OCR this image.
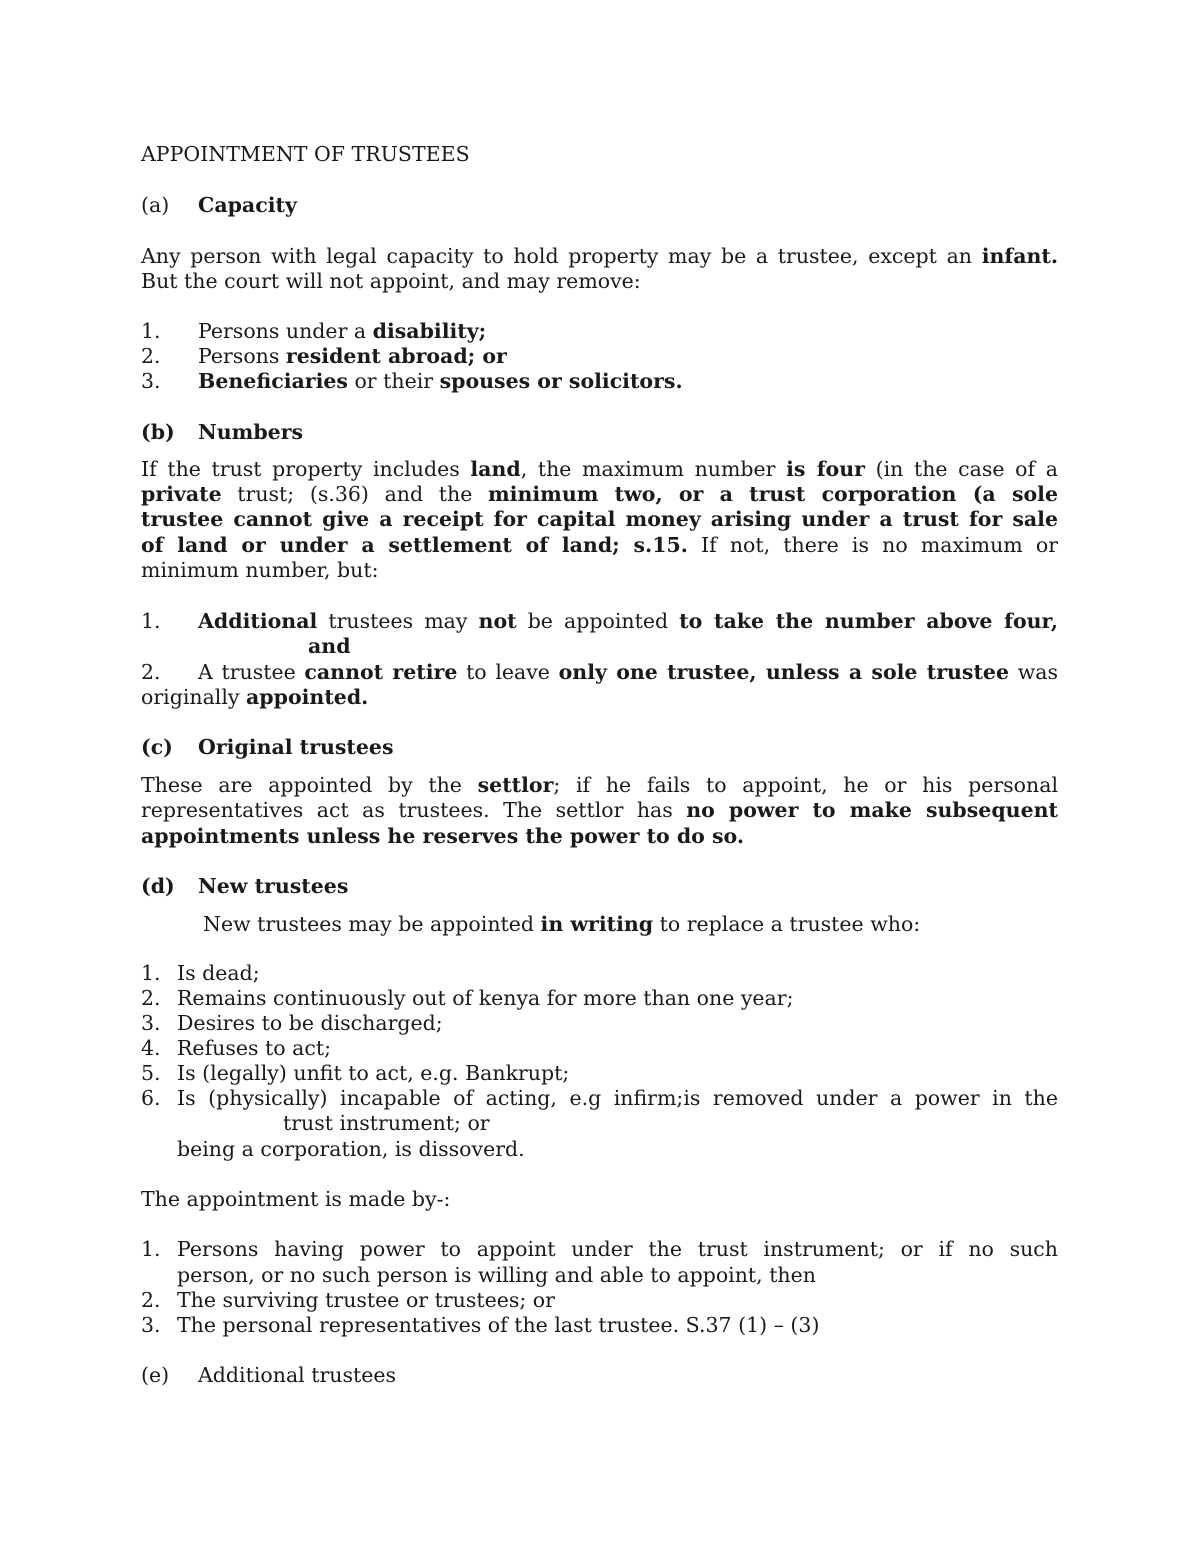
APPOINTMENT OF TRUSTEES
(a) Capacity
Any person with legal capacity to hold property may be a trustee, except an infant.
But the court will not appoint, and may remove:
1. Persons under a disability;
2. Persons resident abroad; or
3. Beneficiaries or their spouses or solicitors.
(b) Numbers
If the trust property includes land, the maximum number is four (in the case of a
private trust; (s.36) and the minimum two, or a trust corporation (a sole
trustee cannot give a receipt for capital money arising under a trust for sale
of land or under a settlement of land; s.15. If not, there is no maximum or
minimum number, but:
1. Additional trustees may not be appointed to take the number above four,
and
2. A trustee cannot retire to leave only one trustee, unless a sole trustee was
originally appointed.
(c) Original trustees
These are appointed by the settlor; if he fails to appoint, he or his personal
representatives act as trustees. The settlor has no power to make subsequent
appointments unless he reserves the power to do so.
(d) New trustees
New trustees may be appointed in writing to replace a trustee who:
1. Is dead;
2. Remains continuously out of kenya for more than one year;
3. Desires to be discharged;
4. Refuses to act;
5. Is (legally) unfit to act, e.g. Bankrupt;
6. Is (physically) incapable of acting, e.g infirm;is removed under a power in the
trust instrument; or
being a corporation, is dissoverd.
The appointment is made by-:
1. Persons having power to appoint under the trust instrument; or if no such
person, or no such person is willing and able to appoint, then
2. The surviving trustee or trustees; or
3. The personal representatives of the last trustee. S.37 (1) – (3)
(e) Additional trustees
